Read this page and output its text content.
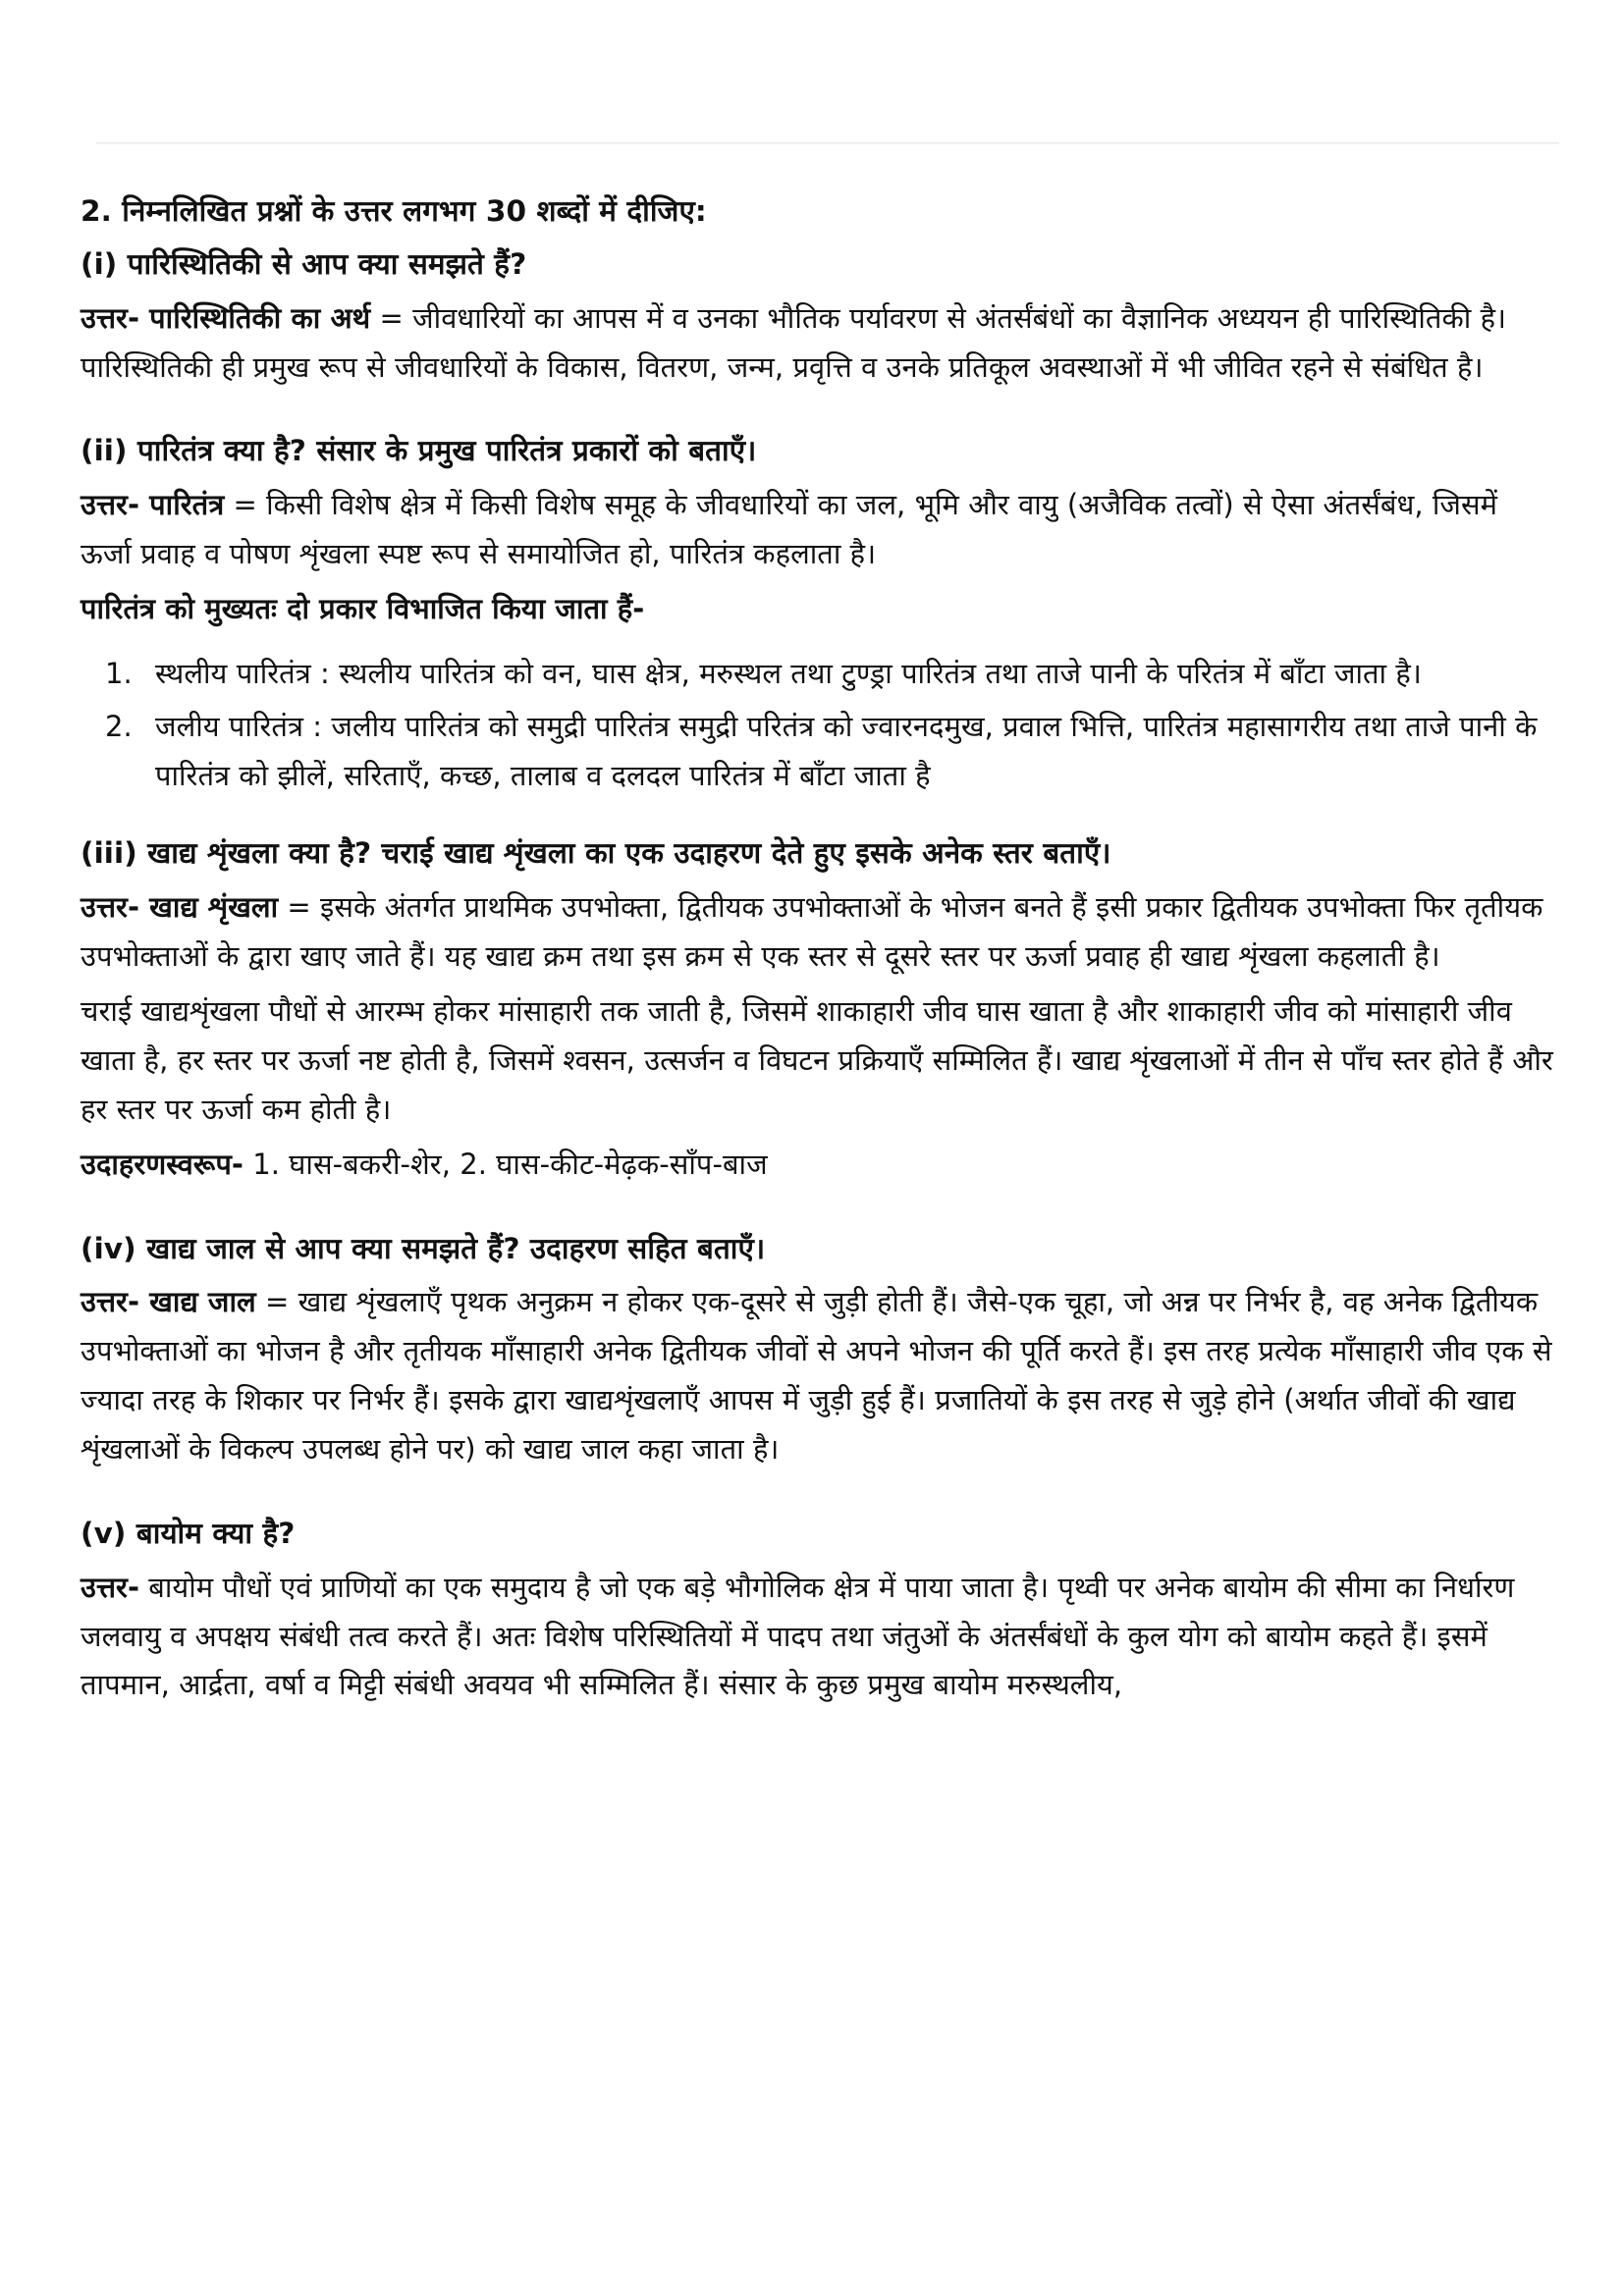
2. निम्नलिखित प्रश्नों के उत्तर लगभग 30 शब्दों में दीजिए:

(i) पारिस्थितिकी से आप क्या समझते हैं?

उत्तर- पारिस्थितिकी का अर्थ = जीवधारियों का आपस में व उनका भौतिक पर्यावरण से अंतर्संबंधों का वैज्ञानिक अध्ययन ही पारिस्थितिकी है। पारिस्थितिकी ही प्रमुख रूप से जीवधारियों के विकास, वितरण, जन्म, प्रवृत्ति व उनके प्रतिकूल अवस्थाओं में भी जीवित रहने से संबंधित है।

(ii) पारितंत्र क्या है? संसार के प्रमुख पारितंत्र प्रकारों को बताएँ।

उत्तर- पारितंत्र = किसी विशेष क्षेत्र में किसी विशेष समूह के जीवधारियों का जल, भूमि और वायु (अजैविक तत्वों) से ऐसा अंतर्संबंध, जिसमें ऊर्जा प्रवाह व पोषण शृंखला स्पष्ट रूप से समायोजित हो, पारितंत्र कहलाता है।

पारितंत्र को मुख्यतः दो प्रकार विभाजित किया जाता हैं-

1. स्थलीय पारितंत्र : स्थलीय पारितंत्र को वन, घास क्षेत्र, मरुस्थल तथा टुण्ड्रा पारितंत्र तथा ताजे पानी के परितंत्र में बाँटा जाता है।
2. जलीय पारितंत्र : जलीय पारितंत्र को समुद्री पारितंत्र समुद्री परितंत्र को ज्वारनदमुख, प्रवाल भित्ति, पारितंत्र महासागरीय तथा ताजे पानी के पारितंत्र को झीलें, सरिताएँ, कच्छ, तालाब व दलदल पारितंत्र में बाँटा जाता है

(iii) खाद्य शृंखला क्या है? चराई खाद्य शृंखला का एक उदाहरण देते हुए इसके अनेक स्तर बताएँ।

उत्तर- खाद्य शृंखला = इसके अंतर्गत प्राथमिक उपभोक्ता, द्वितीयक उपभोक्ताओं के भोजन बनते हैं इसी प्रकार द्वितीयक उपभोक्ता फिर तृतीयक उपभोक्ताओं के द्वारा खाए जाते हैं। यह खाद्य क्रम तथा इस क्रम से एक स्तर से दूसरे स्तर पर ऊर्जा प्रवाह ही खाद्य शृंखला कहलाती है।

चराई खाद्यशृंखला पौधों से आरम्भ होकर मांसाहारी तक जाती है, जिसमें शाकाहारी जीव घास खाता है और शाकाहारी जीव को मांसाहारी जीव खाता है, हर स्तर पर ऊर्जा नष्ट होती है, जिसमें श्वसन, उत्सर्जन व विघटन प्रक्रियाएँ सम्मिलित हैं। खाद्य शृंखलाओं में तीन से पाँच स्तर होते हैं और हर स्तर पर ऊर्जा कम होती है।

उदाहरणस्वरूप- 1. घास-बकरी-शेर, 2. घास-कीट-मेढ़क-साँप-बाज

(iv) खाद्य जाल से आप क्या समझते हैं? उदाहरण सहित बताएँ।

उत्तर- खाद्य जाल = खाद्य शृंखलाएँ पृथक अनुक्रम न होकर एक-दूसरे से जुड़ी होती हैं। जैसे-एक चूहा, जो अन्न पर निर्भर है, वह अनेक द्वितीयक उपभोक्ताओं का भोजन है और तृतीयक माँसाहारी अनेक द्वितीयक जीवों से अपने भोजन की पूर्ति करते हैं। इस तरह प्रत्येक माँसाहारी जीव एक से ज्यादा तरह के शिकार पर निर्भर हैं। इसके द्वारा खाद्यशृंखलाएँ आपस में जुड़ी हुई हैं। प्रजातियों के इस तरह से जुड़े होने (अर्थात जीवों की खाद्य शृंखलाओं के विकल्प उपलब्ध होने पर) को खाद्य जाल कहा जाता है।

(v) बायोम क्या है?

उत्तर- बायोम पौधों एवं प्राणियों का एक समुदाय है जो एक बड़े भौगोलिक क्षेत्र में पाया जाता है। पृथ्वी पर अनेक बायोम की सीमा का निर्धारण जलवायु व अपक्षय संबंधी तत्व करते हैं। अतः विशेष परिस्थितियों में पादप तथा जंतुओं के अंतर्संबंधों के कुल योग को बायोम कहते हैं। इसमें तापमान, आर्द्रता, वर्षा व मिट्टी संबंधी अवयव भी सम्मिलित हैं। संसार के कुछ प्रमुख बायोम मरुस्थलीय,
